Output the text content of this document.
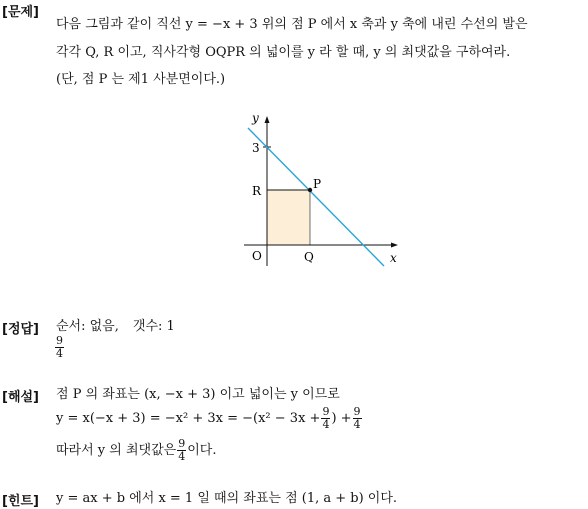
[문제]
다음 그림과 같이 직선 y = −x + 3 위의 점 P 에서 x 축과 y 축에 내린 수선의 발은
각각 Q, R 이고, 직사각형 OQPR 의 넓이를 y 라 할 때, y 의 최댓값을 구하여라.
(단, 점 P 는 제1 사분면이다.)
y
x
O
3
P
Q
R
[정답] 순서: 없음, 갯수: 1
$\frac{9}{4}$
[해설] 점 P 의 좌표는 (x, −x + 3) 이고 넓이는 y 이므로
$y = x(-x + 3) = -x^2 + 3x = -(x^2 - 3x + \frac{9}{4}$ ) + $\frac{9}{4}$
따라서 y 의 최댓값은 $\frac{9}{4}$ 이다.
[힌트] y = ax + b 에서 x = 1 일 때의 좌표는 점 (1, a + b) 이다.
